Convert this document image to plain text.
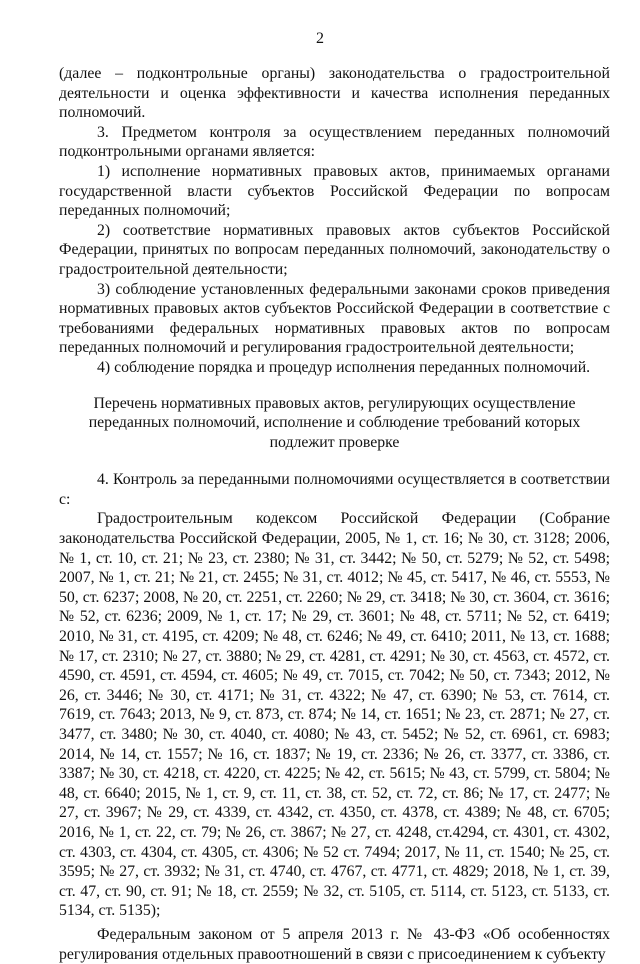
2

(далее – подконтрольные органы) законодательства о градостроительной деятельности и оценка эффективности и качества исполнения переданных полномочий.

3. Предметом контроля за осуществлением переданных полномочий подконтрольными органами является:

1) исполнение нормативных правовых актов, принимаемых органами государственной власти субъектов Российской Федерации по вопросам переданных полномочий;

2) соответствие нормативных правовых актов субъектов Российской Федерации, принятых по вопросам переданных полномочий, законодательству о градостроительной деятельности;

3) соблюдение установленных федеральными законами сроков приведения нормативных правовых актов субъектов Российской Федерации в соответствие с требованиями федеральных нормативных правовых актов по вопросам переданных полномочий и регулирования градостроительной деятельности;

4) соблюдение порядка и процедур исполнения переданных полномочий.

Перечень нормативных правовых актов, регулирующих осуществление переданных полномочий, исполнение и соблюдение требований которых подлежит проверке

4. Контроль за переданными полномочиями осуществляется в соответствии с:

Градостроительным кодексом Российской Федерации (Собрание законодательства Российской Федерации, 2005, № 1, ст. 16; № 30, ст. 3128; 2006, № 1, ст. 10, ст. 21; № 23, ст. 2380; № 31, ст. 3442; № 50, ст. 5279; № 52, ст. 5498; 2007, № 1, ст. 21; № 21, ст. 2455; № 31, ст. 4012; № 45, ст. 5417, № 46, ст. 5553, № 50, ст. 6237; 2008, № 20, ст. 2251, ст. 2260; № 29, ст. 3418; № 30, ст. 3604, ст. 3616; № 52, ст. 6236; 2009, № 1, ст. 17; № 29, ст. 3601; № 48, ст. 5711; № 52, ст. 6419; 2010, № 31, ст. 4195, ст. 4209; № 48, ст. 6246; № 49, ст. 6410; 2011, № 13, ст. 1688; № 17, ст. 2310; № 27, ст. 3880; № 29, ст. 4281, ст. 4291; № 30, ст. 4563, ст. 4572, ст. 4590, ст. 4591, ст. 4594, ст. 4605; № 49, ст. 7015, ст. 7042; № 50, ст. 7343; 2012, № 26, ст. 3446; № 30, ст. 4171; № 31, ст. 4322; № 47, ст. 6390; № 53, ст. 7614, ст. 7619, ст. 7643; 2013, № 9, ст. 873, ст. 874; № 14, ст. 1651; № 23, ст. 2871; № 27, ст. 3477, ст. 3480; № 30, ст. 4040, ст. 4080; № 43, ст. 5452; № 52, ст. 6961, ст. 6983; 2014, № 14, ст. 1557; № 16, ст. 1837; № 19, ст. 2336; № 26, ст. 3377, ст. 3386, ст. 3387; № 30, ст. 4218, ст. 4220, ст. 4225; № 42, ст. 5615; № 43, ст. 5799, ст. 5804; № 48, ст. 6640; 2015, № 1, ст. 9, ст. 11, ст. 38, ст. 52, ст. 72, ст. 86; № 17, ст. 2477; № 27, ст. 3967; № 29, ст. 4339, ст. 4342, ст. 4350, ст. 4378, ст. 4389; № 48, ст. 6705; 2016, № 1, ст. 22, ст. 79; № 26, ст. 3867; № 27, ст. 4248, ст.4294, ст. 4301, ст. 4302, ст. 4303, ст. 4304, ст. 4305, ст. 4306; № 52 ст. 7494; 2017, № 11, ст. 1540; № 25, ст. 3595; № 27, ст. 3932; № 31, ст. 4740, ст. 4767, ст. 4771, ст. 4829; 2018, № 1, ст. 39, ст. 47, ст. 90, ст. 91; № 18, ст. 2559; № 32, ст. 5105, ст. 5114, ст. 5123, ст. 5133, ст. 5134, ст. 5135);

Федеральным законом от 5 апреля 2013 г. № 43-ФЗ «Об особенностях регулирования отдельных правоотношений в связи с присоединением к субъекту
